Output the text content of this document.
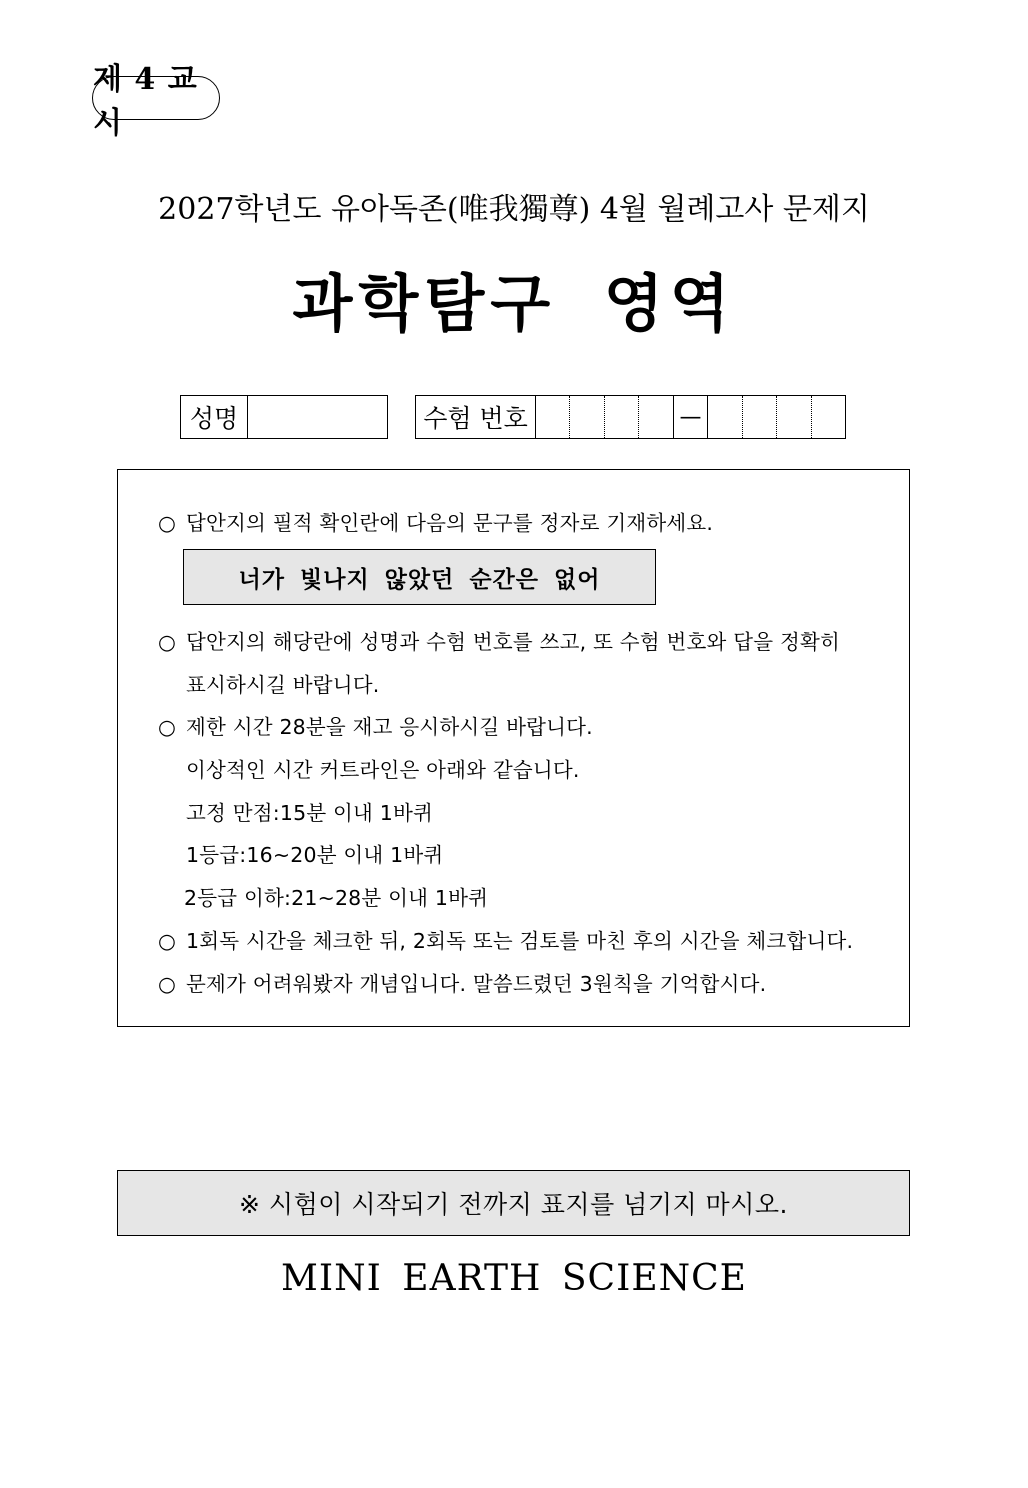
제 4 교시
2027학년도 유아독존(唯我獨尊) 4월 월례고사 문제지
과학탐구 영역
성명	수험 번호	—
○ 답안지의 필적 확인란에 다음의 문구를 정자로 기재하세요.
너가 빛나지 않았던 순간은 없어
○ 답안지의 해당란에 성명과 수험 번호를 쓰고, 또 수험 번호와 답을 정확히
표시하시길 바랍니다.
○ 제한 시간 28분을 재고 응시하시길 바랍니다.
이상적인 시간 커트라인은 아래와 같습니다.
고정 만점:15분 이내 1바퀴
1등급:16~20분 이내 1바퀴
2등급 이하:21~28분 이내 1바퀴
○ 1회독 시간을 체크한 뒤, 2회독 또는 검토를 마친 후의 시간을 체크합니다.
○ 문제가 어려워봤자 개념입니다. 말씀드렸던 3원칙을 기억합시다.
※ 시험이 시작되기 전까지 표지를 넘기지 마시오.
MINI EARTH SCIENCE
